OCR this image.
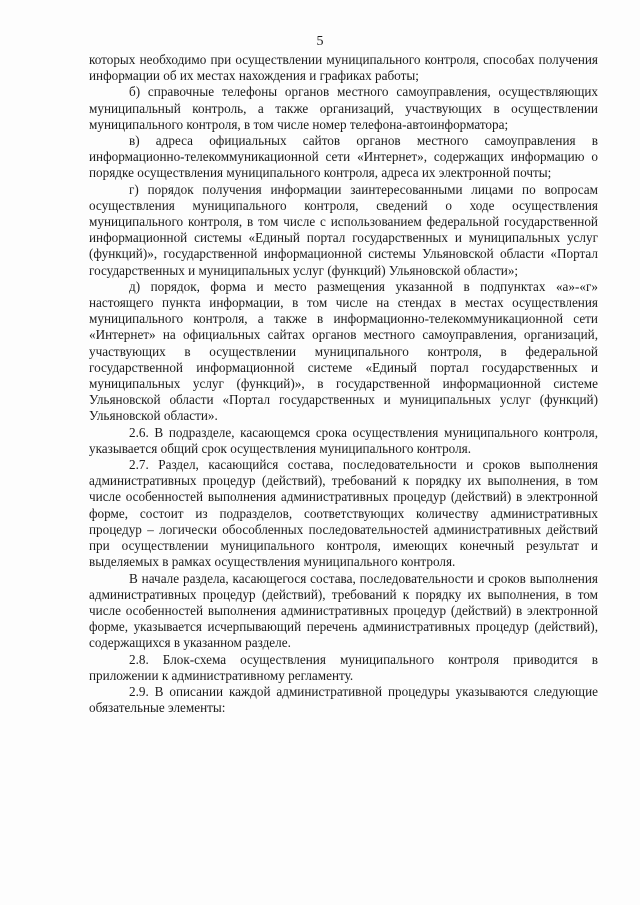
5

которых необходимо при осуществлении муниципального контроля, способах получения информации об их местах нахождения и графиках работы;

б) справочные телефоны органов местного самоуправления, осуществляющих муниципальный контроль, а также организаций, участвующих в осуществлении муниципального контроля, в том числе номер телефона-автоинформатора;

в) адреса официальных сайтов органов местного самоуправления в информационно-телекоммуникационной сети «Интернет», содержащих информацию о порядке осуществления муниципального контроля, адреса их электронной почты;

г) порядок получения информации заинтересованными лицами по вопросам осуществления муниципального контроля, сведений о ходе осуществления муниципального контроля, в том числе с использованием федеральной государственной информационной системы «Единый портал государственных и муниципальных услуг (функций)», государственной информационной системы Ульяновской области «Портал государственных и муниципальных услуг (функций) Ульяновской области»;

д) порядок, форма и место размещения указанной в подпунктах «а»-«г» настоящего пункта информации, в том числе на стендах в местах осуществления муниципального контроля, а также в информационно-телекоммуникационной сети «Интернет» на официальных сайтах органов местного самоуправления, организаций, участвующих в осуществлении муниципального контроля, в федеральной государственной информационной системе «Единый портал государственных и муниципальных услуг (функций)», в государственной информационной системе Ульяновской области «Портал государственных и муниципальных услуг (функций) Ульяновской области».

2.6. В подразделе, касающемся срока осуществления муниципального контроля, указывается общий срок осуществления муниципального контроля.

2.7. Раздел, касающийся состава, последовательности и сроков выполнения административных процедур (действий), требований к порядку их выполнения, в том числе особенностей выполнения административных процедур (действий) в электронной форме, состоит из подразделов, соответствующих количеству административных процедур – логически обособленных последовательностей административных действий при осуществлении муниципального контроля, имеющих конечный результат и выделяемых в рамках осуществления муниципального контроля.

В начале раздела, касающегося состава, последовательности и сроков выполнения административных процедур (действий), требований к порядку их выполнения, в том числе особенностей выполнения административных процедур (действий) в электронной форме, указывается исчерпывающий перечень административных процедур (действий), содержащихся в указанном разделе.

2.8. Блок-схема осуществления муниципального контроля приводится в приложении к административному регламенту.

2.9. В описании каждой административной процедуры указываются следующие обязательные элементы:
